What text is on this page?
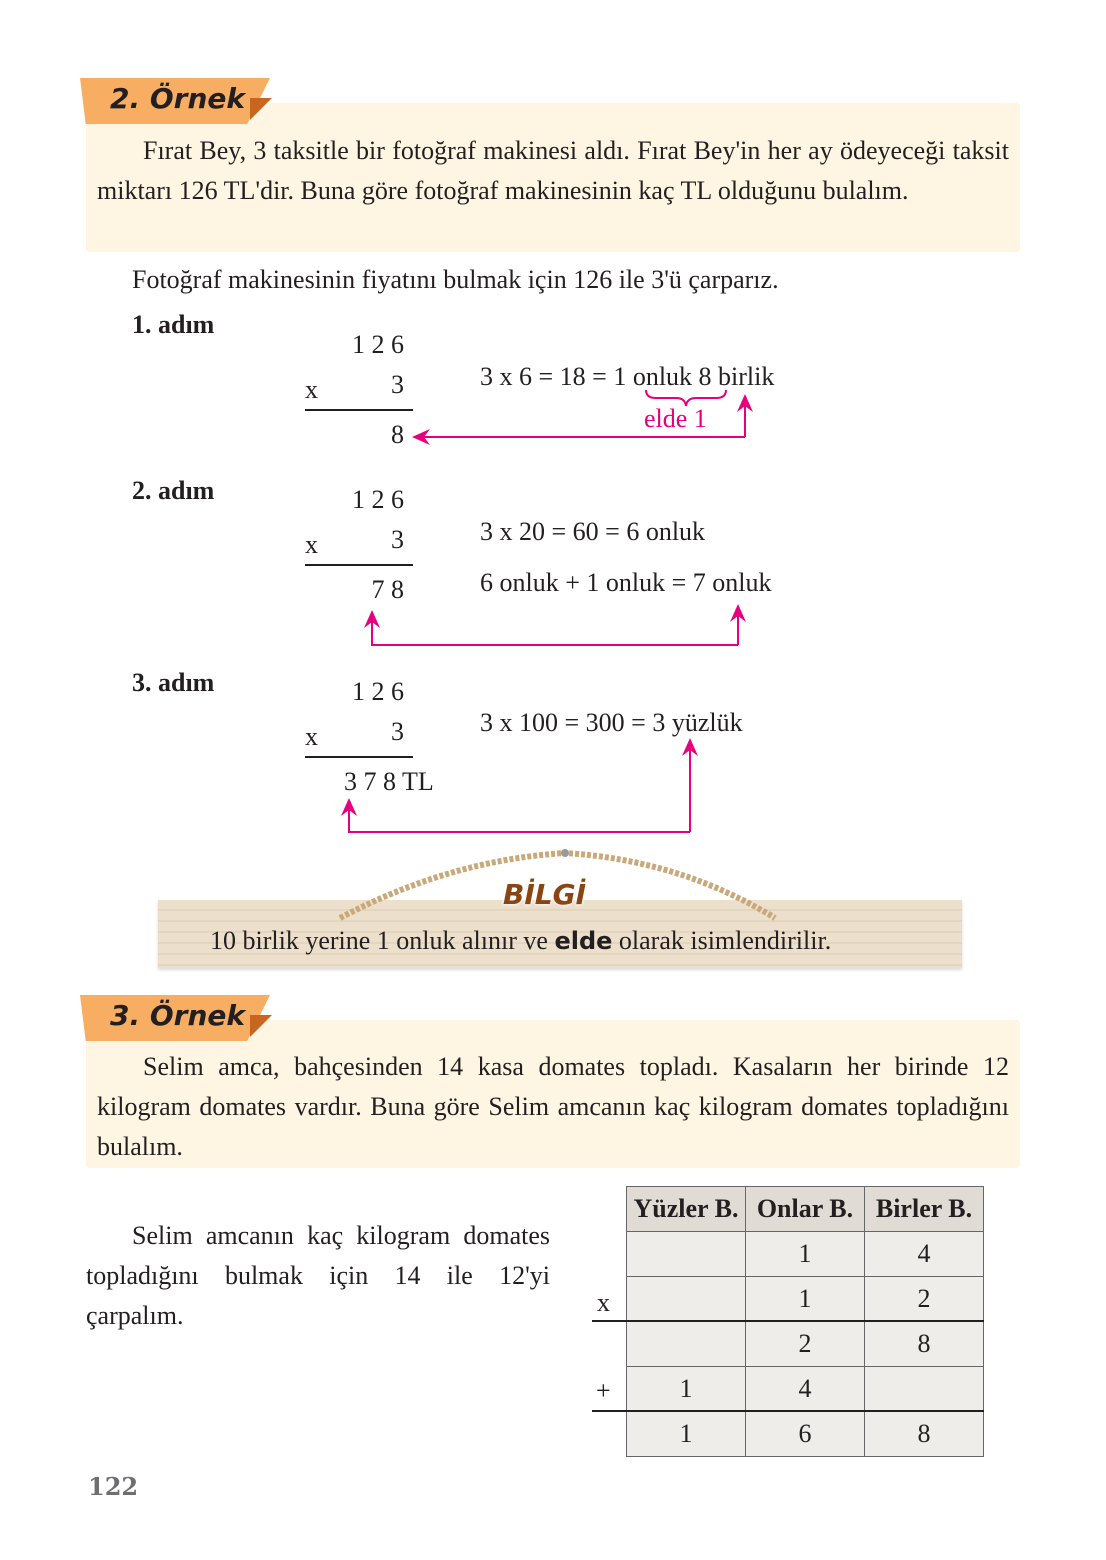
2. Örnek
Fırat Bey, 3 taksitle bir fotoğraf makinesi aldı. Fırat Bey'in her ay ödeyeceği taksit miktarı 126 TL'dir. Buna göre fotoğraf makinesinin kaç TL olduğunu bulalım.
Fotoğraf makinesinin fiyatını bulmak için 126 ile 3'ü çarparız.
1. adım
1 2 6
x	3
8
3 x 6 = 18 = 1 onluk 8 birlik
elde 1
2. adım	1 2 6
x	3
7 8
3 x 20 = 60 = 6 onluk
6 onluk + 1 onluk = 7 onluk
3. adım	1 2 6
x	3
3 7 8 TL
3 x 100 = 300 = 3 yüzlük
BİLGİ
10 birlik yerine 1 onluk alınır ve elde olarak isimlendirilir.
3. Örnek
Selim amca, bahçesinden 14 kasa domates topladı. Kasaların her birinde 12 kilogram domates vardır. Buna göre Selim amcanın kaç kilogram domates topladığını bulalım.
Selim amcanın kaç kilogram domates topladığını bulmak için 14 ile 12'yi çarpalım.
Yüzler B.	Onlar B.	Birler B.
	1	4
	1	2
	2	8
1	4	
1	6	8
x
+
122
